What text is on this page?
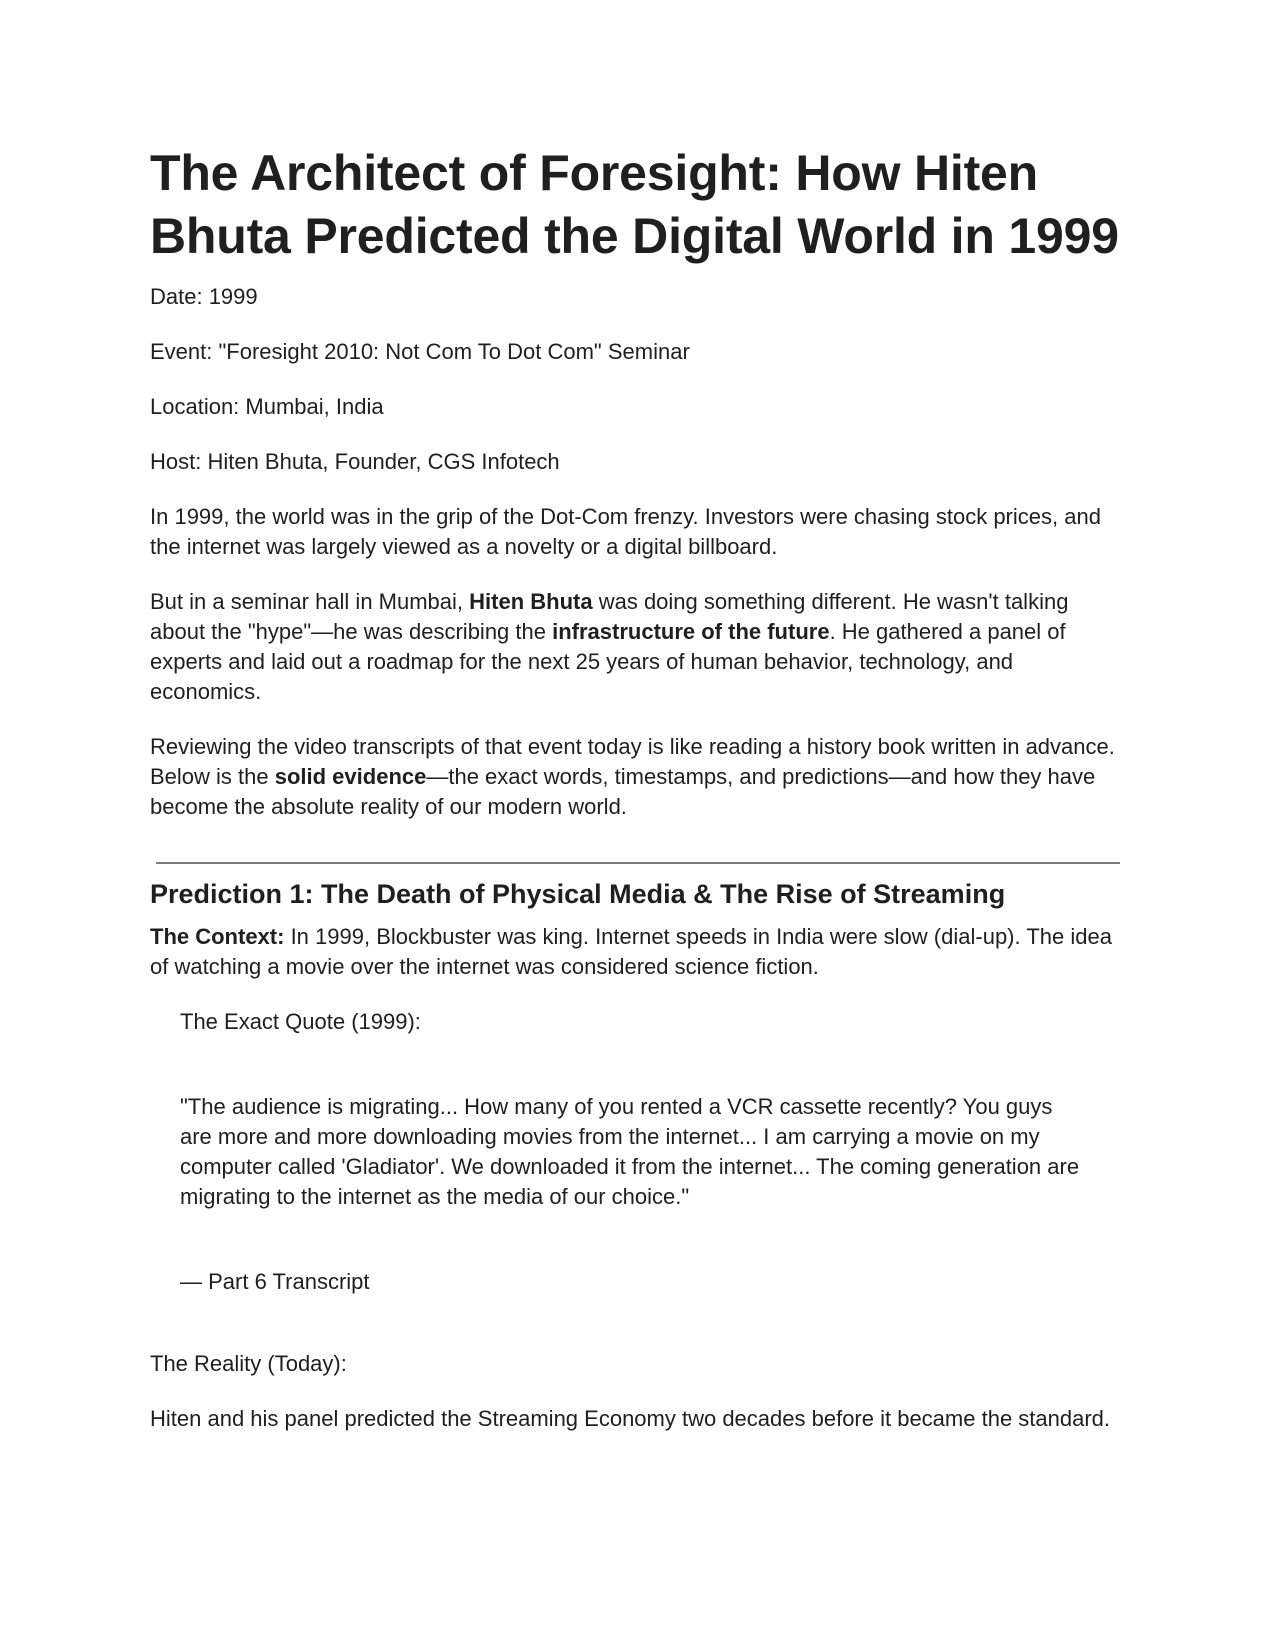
The Architect of Foresight: How Hiten Bhuta Predicted the Digital World in 1999
Date: 1999
Event: "Foresight 2010: Not Com To Dot Com" Seminar
Location: Mumbai, India
Host: Hiten Bhuta, Founder, CGS Infotech

In 1999, the world was in the grip of the Dot-Com frenzy. Investors were chasing stock prices, and the internet was largely viewed as a novelty or a digital billboard.

But in a seminar hall in Mumbai, Hiten Bhuta was doing something different. He wasn't talking about the "hype"—he was describing the infrastructure of the future. He gathered a panel of experts and laid out a roadmap for the next 25 years of human behavior, technology, and economics.

Reviewing the video transcripts of that event today is like reading a history book written in advance. Below is the solid evidence—the exact words, timestamps, and predictions—and how they have become the absolute reality of our modern world.

Prediction 1: The Death of Physical Media & The Rise of Streaming

The Context: In 1999, Blockbuster was king. Internet speeds in India were slow (dial-up). The idea of watching a movie over the internet was considered science fiction.

The Exact Quote (1999):
"The audience is migrating... How many of you rented a VCR cassette recently? You guys are more and more downloading movies from the internet... I am carrying a movie on my computer called 'Gladiator'. We downloaded it from the internet... The coming generation are migrating to the internet as the media of our choice."
— Part 6 Transcript

The Reality (Today):

Hiten and his panel predicted the Streaming Economy two decades before it became the standard.
